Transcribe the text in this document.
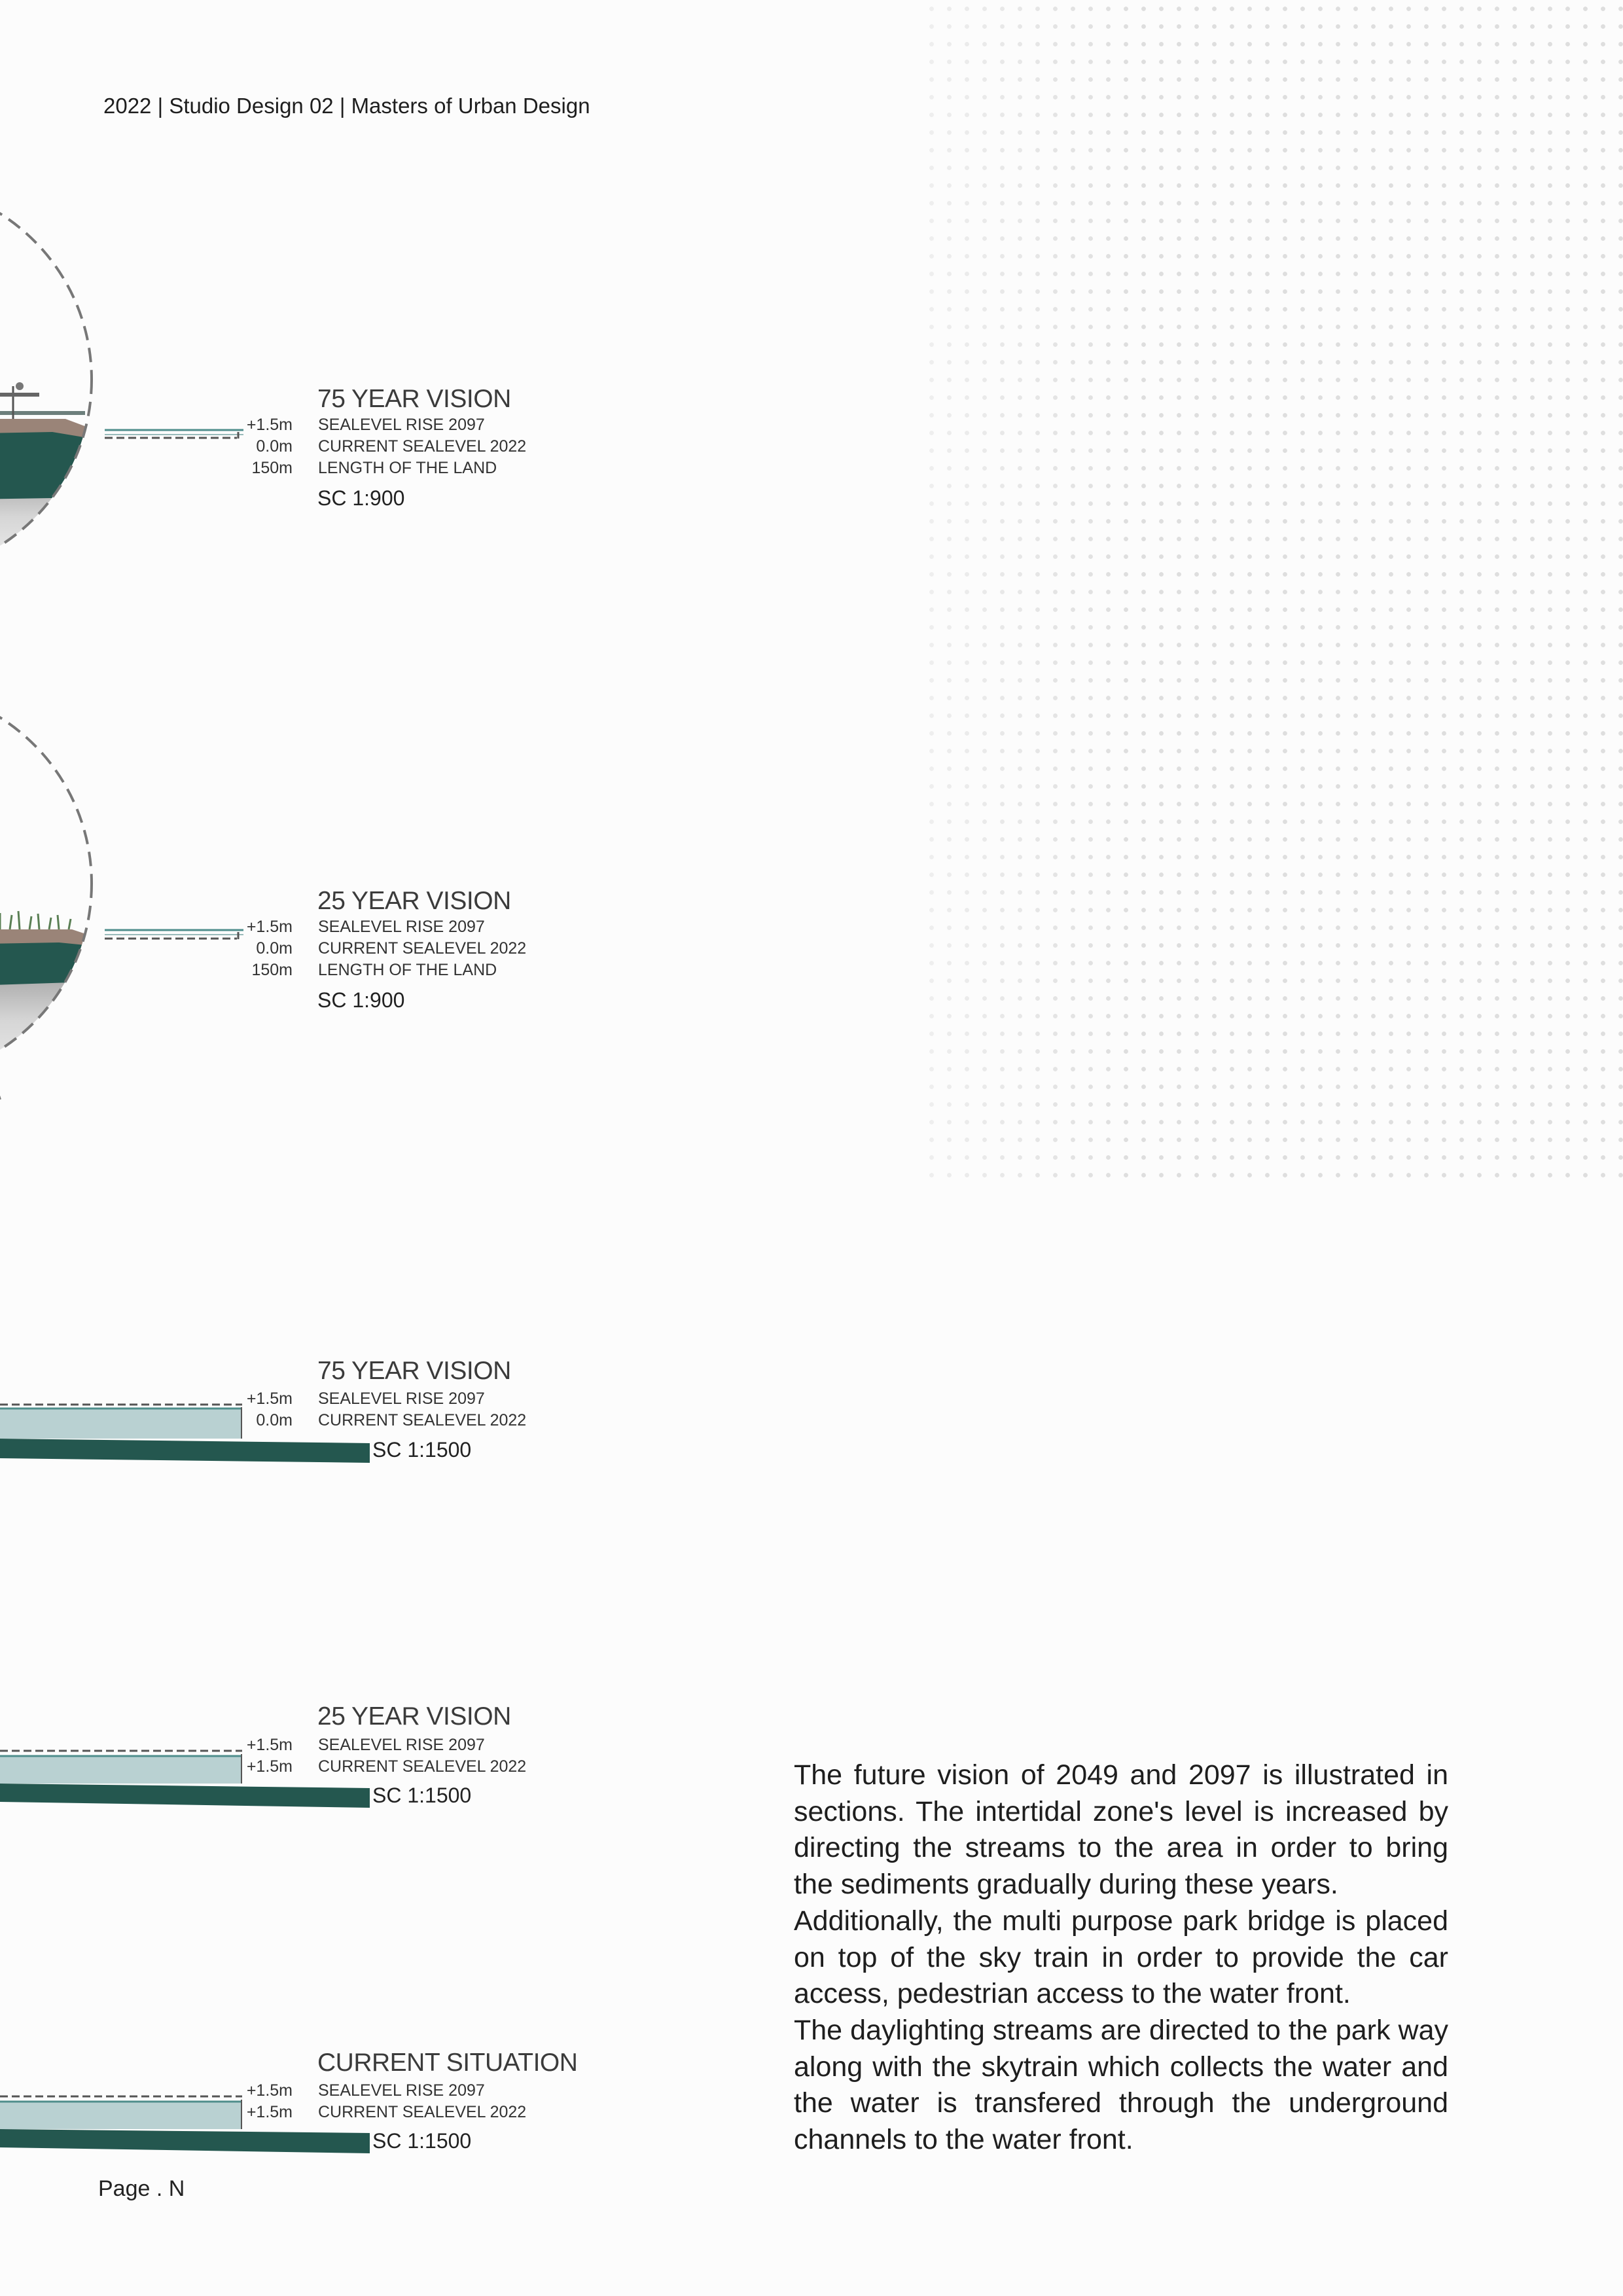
2022 | Studio Design 02 | Masters of Urban Design
75 YEAR VISION
+1.5m SEALEVEL RISE 2097
0.0m CURRENT SEALEVEL 2022
150m LENGTH OF THE LAND
SC 1:900
25 YEAR VISION
+1.5m SEALEVEL RISE 2097
0.0m CURRENT SEALEVEL 2022
150m LENGTH OF THE LAND
SC 1:900
75 YEAR VISION
+1.5m SEALEVEL RISE 2097
0.0m CURRENT SEALEVEL 2022
SC 1:1500
25 YEAR VISION
+1.5m SEALEVEL RISE 2097
+1.5m CURRENT SEALEVEL 2022
SC 1:1500
CURRENT SITUATION
+1.5m SEALEVEL RISE 2097
+1.5m CURRENT SEALEVEL 2022
SC 1:1500

The future vision of 2049 and 2097 is illustrated in sections. The intertidal zone's level is increased by directing the streams to the area in order to bring the sediments gradually during these years.

Additionally, the multi purpose park bridge is placed on top of the sky train in order to provide the car access, pedestrian access to the water front.

The daylighting streams are directed to the park way along with the skytrain which collects the water and the water is transfered through the underground channels to the water front.

Page . N
